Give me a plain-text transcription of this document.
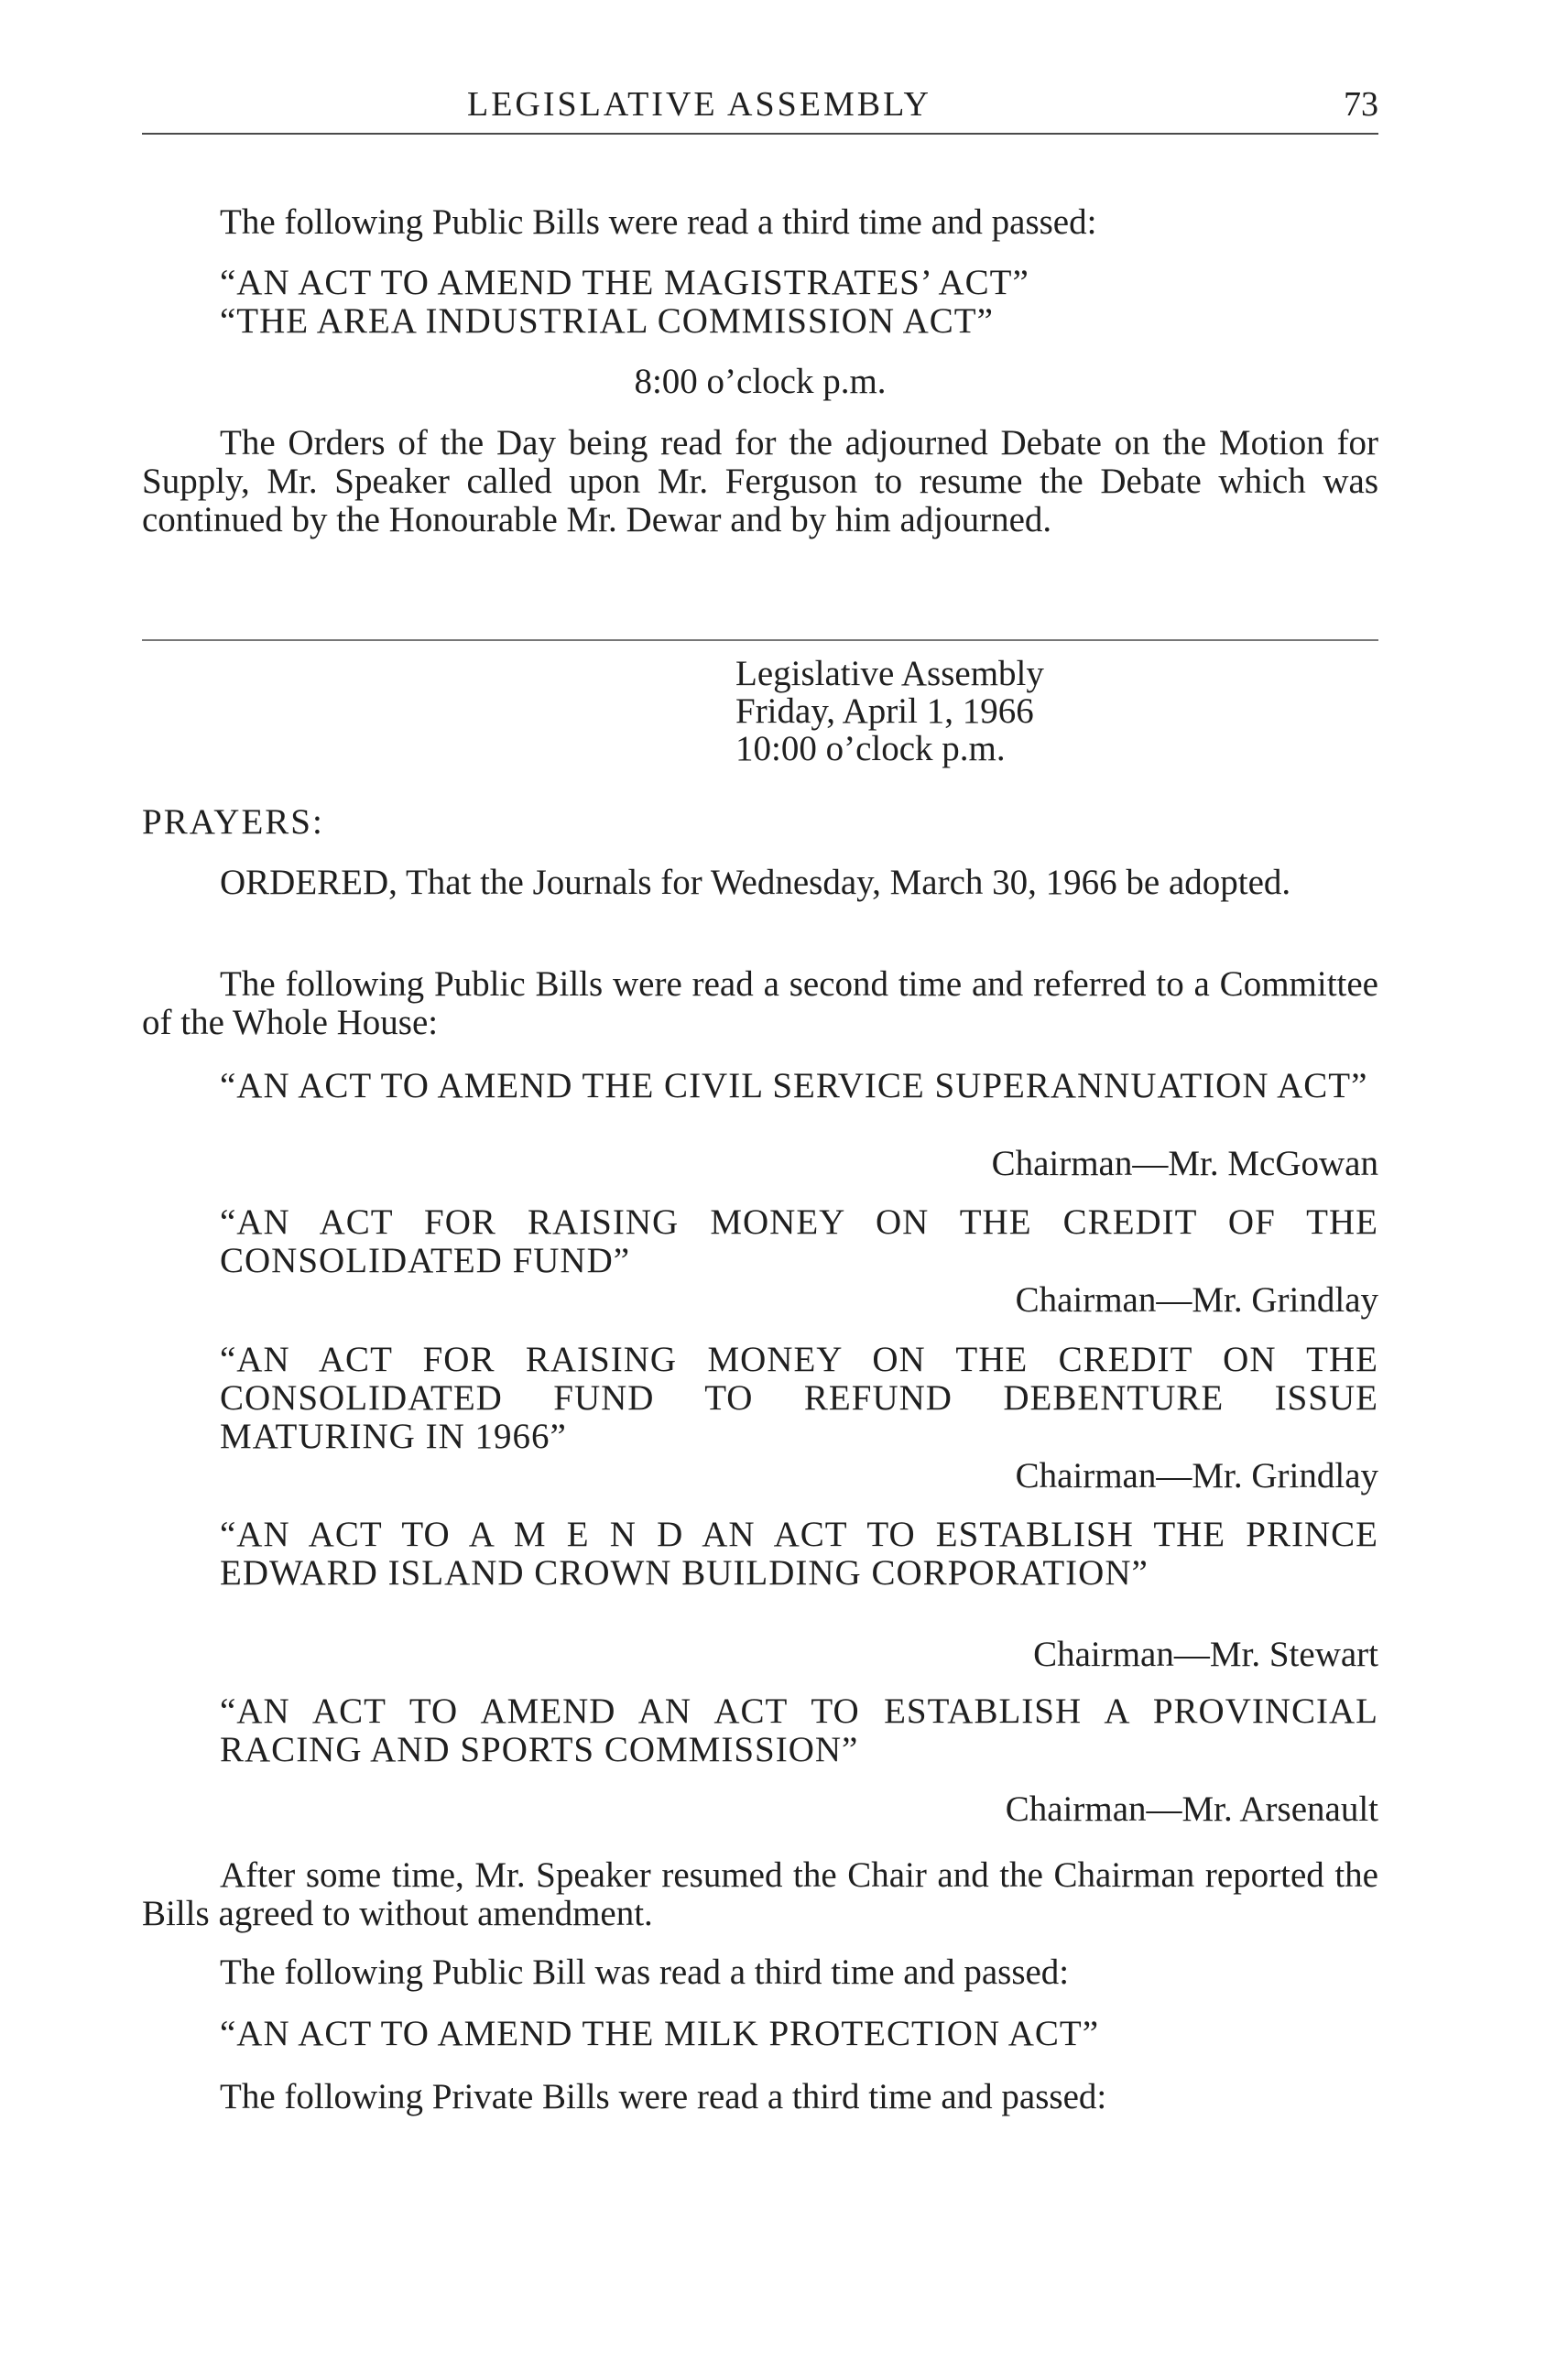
LEGISLATIVE ASSEMBLY	73
The following Public Bills were read a third time and passed:
“AN ACT TO AMEND THE MAGISTRATES’ ACT”
“THE AREA INDUSTRIAL COMMISSION ACT”
8:00 o’clock p.m.
The Orders of the Day being read for the adjourned Debate on the Motion for Supply, Mr. Speaker called upon Mr. Ferguson to resume the Debate which was continued by the Honourable Mr. Dewar and by him adjourned.
Legislative Assembly
Friday, April 1, 1966
10:00 o’clock p.m.
PRAYERS:
ORDERED, That the Journals for Wednesday, March 30, 1966 be adopted.
The following Public Bills were read a second time and referred to a Committee of the Whole House:
“AN ACT TO AMEND THE CIVIL SERVICE SUPERANNUATION ACT”
Chairman—Mr. McGowan
“AN ACT FOR RAISING MONEY ON THE CREDIT OF THE CONSOLIDATED FUND”
Chairman—Mr. Grindlay
“AN ACT FOR RAISING MONEY ON THE CREDIT ON THE CONSOLIDATED FUND TO REFUND DEBENTURE ISSUE MATURING IN 1966”
Chairman—Mr. Grindlay
“AN ACT TO A M E N D AN ACT TO ESTABLISH THE PRINCE EDWARD ISLAND CROWN BUILDING CORPORATION”
Chairman—Mr. Stewart
“AN ACT TO AMEND AN ACT TO ESTABLISH A PROVINCIAL RACING AND SPORTS COMMISSION”
Chairman—Mr. Arsenault
After some time, Mr. Speaker resumed the Chair and the Chairman reported the Bills agreed to without amendment.
The following Public Bill was read a third time and passed:
“AN ACT TO AMEND THE MILK PROTECTION ACT”
The following Private Bills were read a third time and passed:
